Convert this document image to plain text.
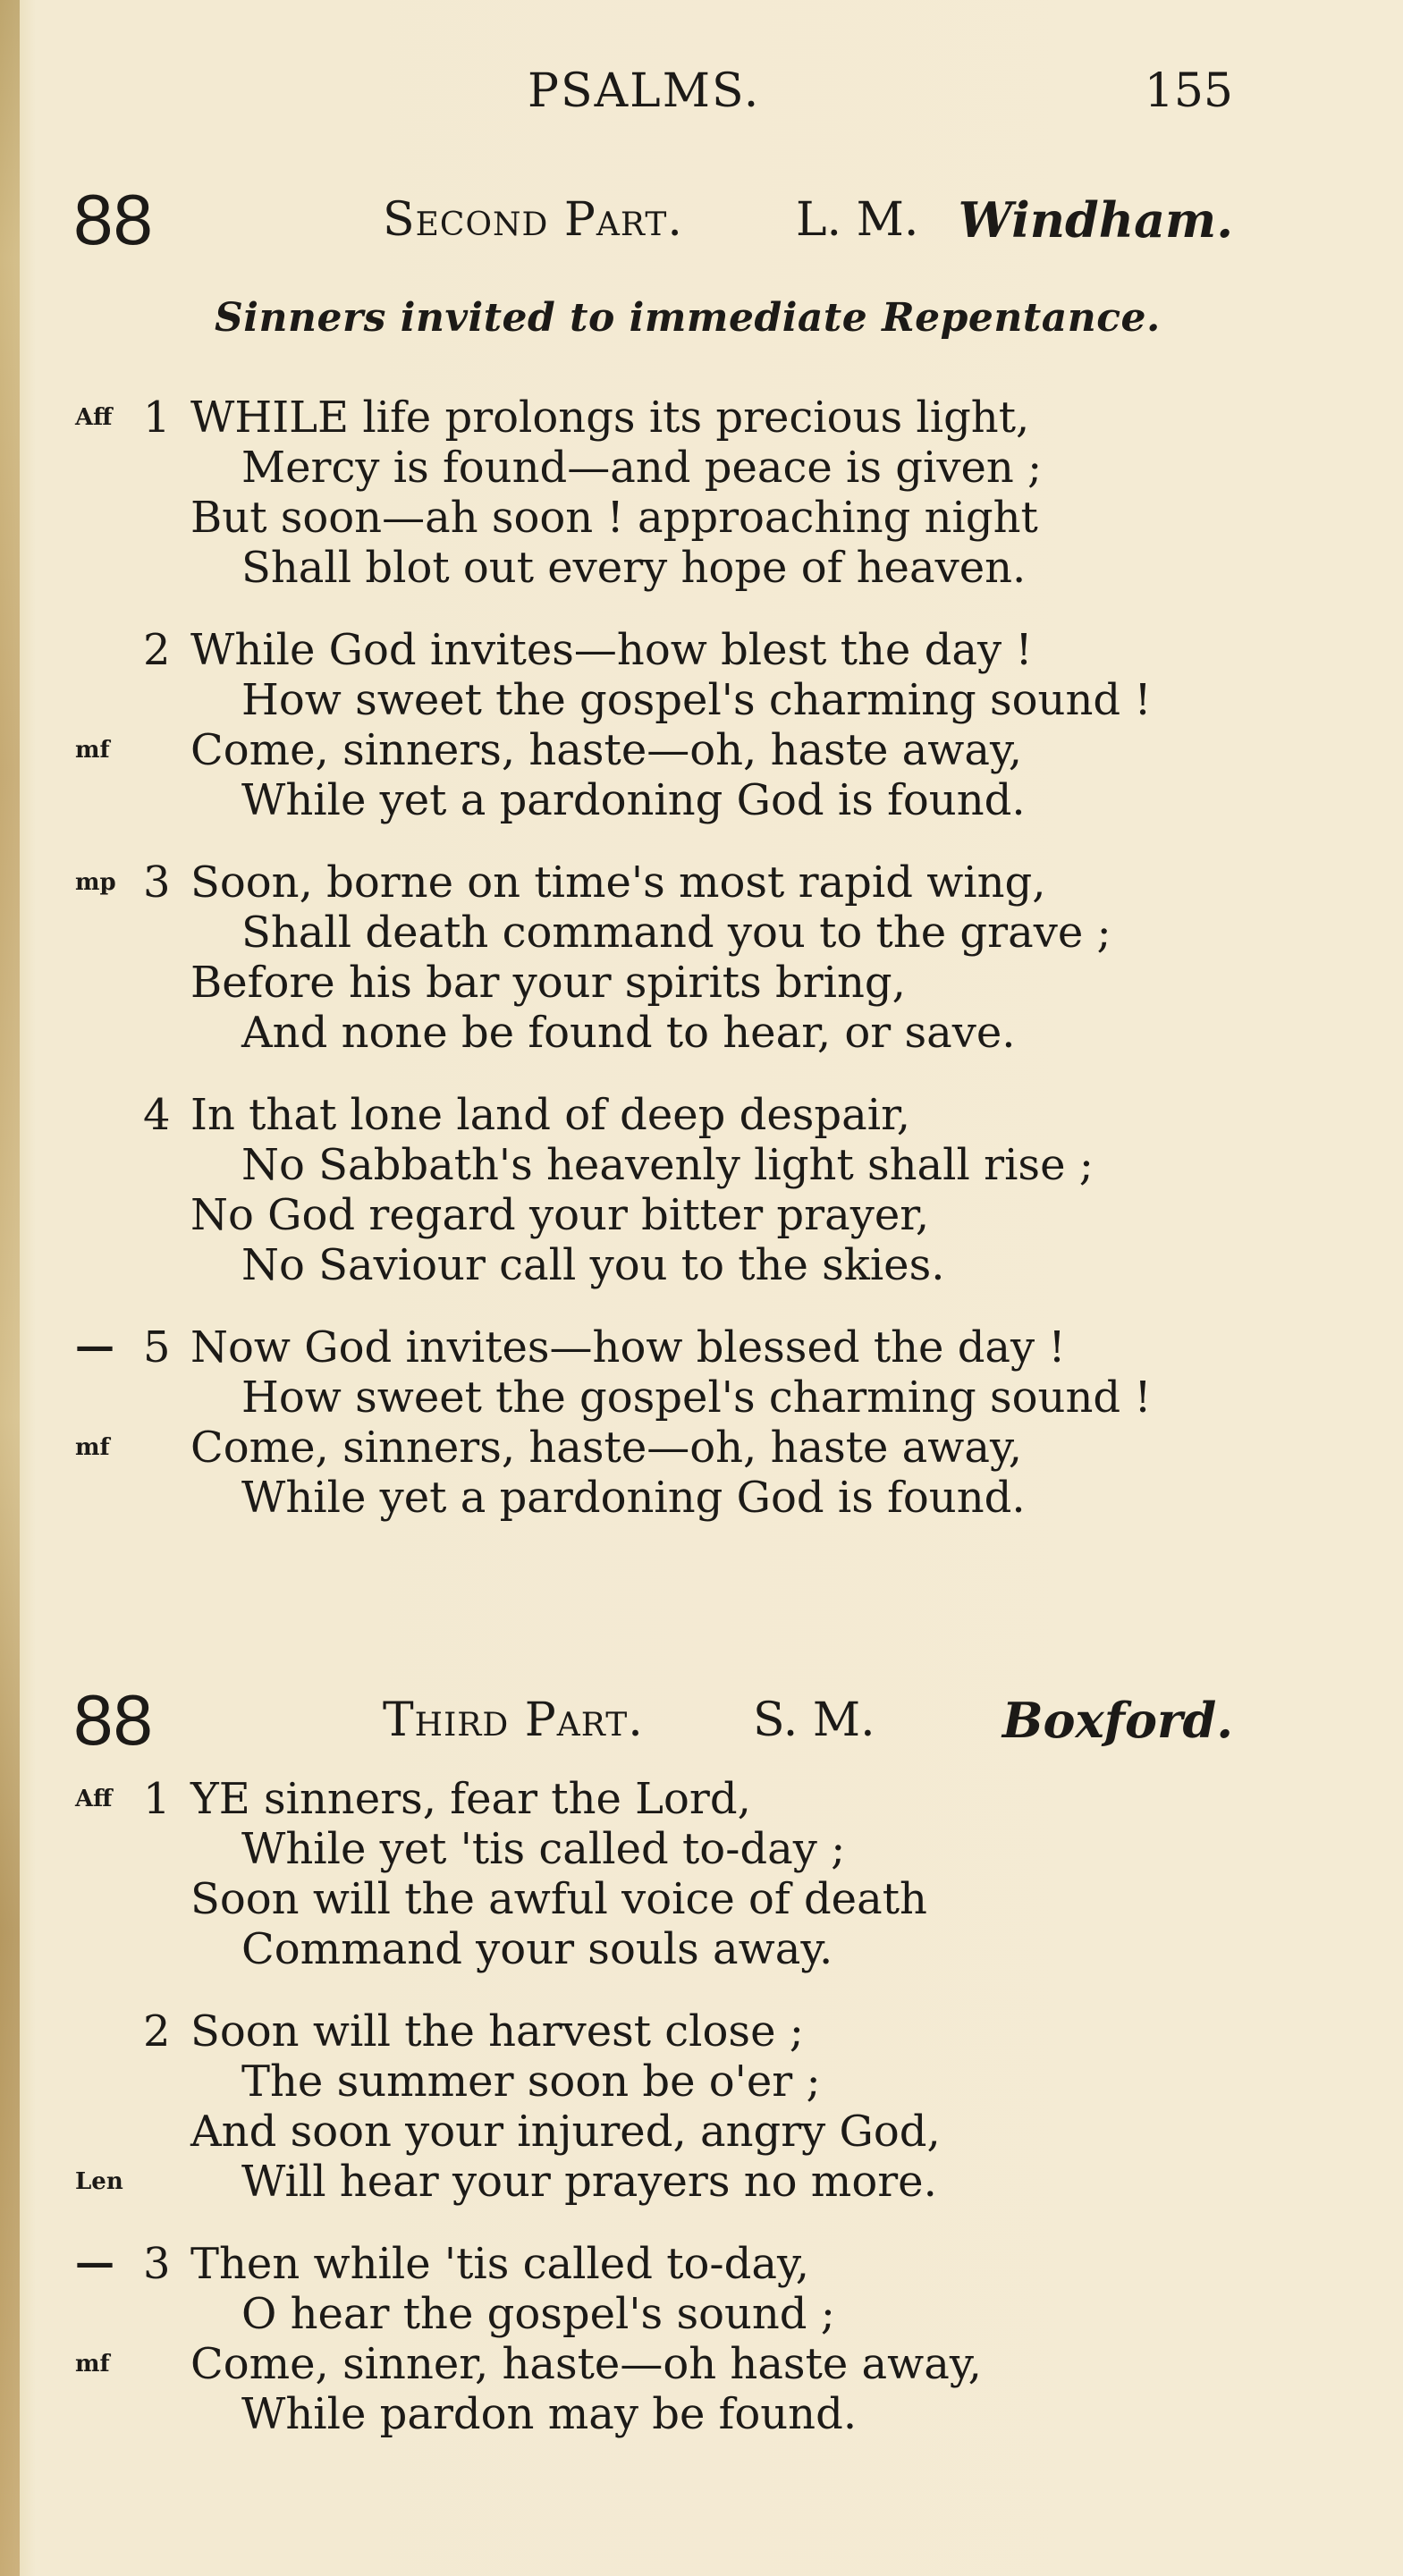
PSALMS.	155
88	Second Part. L. M. Windham.
Sinners invited to immediate Repentance.
1
Aff WHILE life prolongs its precious light,
Mercy is found—and peace is given ;
But soon—ah soon ! approaching night
Shall blot out every hope of heaven.
2 While God invites—how blest the day !
How sweet the gospel's charming sound !
mf Come, sinners, haste—oh, haste away,
While yet a pardoning God is found.
3
mp Soon, borne on time's most rapid wing,
Shall death command you to the grave ;
Before his bar your spirits bring,
And none be found to hear, or save.
4 In that lone land of deep despair,
No Sabbath's heavenly light shall rise ;
No God regard your bitter prayer,
No Saviour call you to the skies.
5
— Now God invites—how blessed the day !
How sweet the gospel's charming sound !
mf Come, sinners, haste—oh, haste away,
While yet a pardoning God is found.
88	Third Part. S. M.	Boxford.
1
Aff YE sinners, fear the Lord,
While yet 'tis called to-day ;
Soon will the awful voice of death
Command your souls away.
2 Soon will the harvest close ;
The summer soon be o'er ;
And soon your injured, angry God,
Len	Will hear your prayers no more.
3
— Then while 'tis called to-day,
O hear the gospel's sound ;
mf Come, sinner, haste—oh haste away,
While pardon may be found.
